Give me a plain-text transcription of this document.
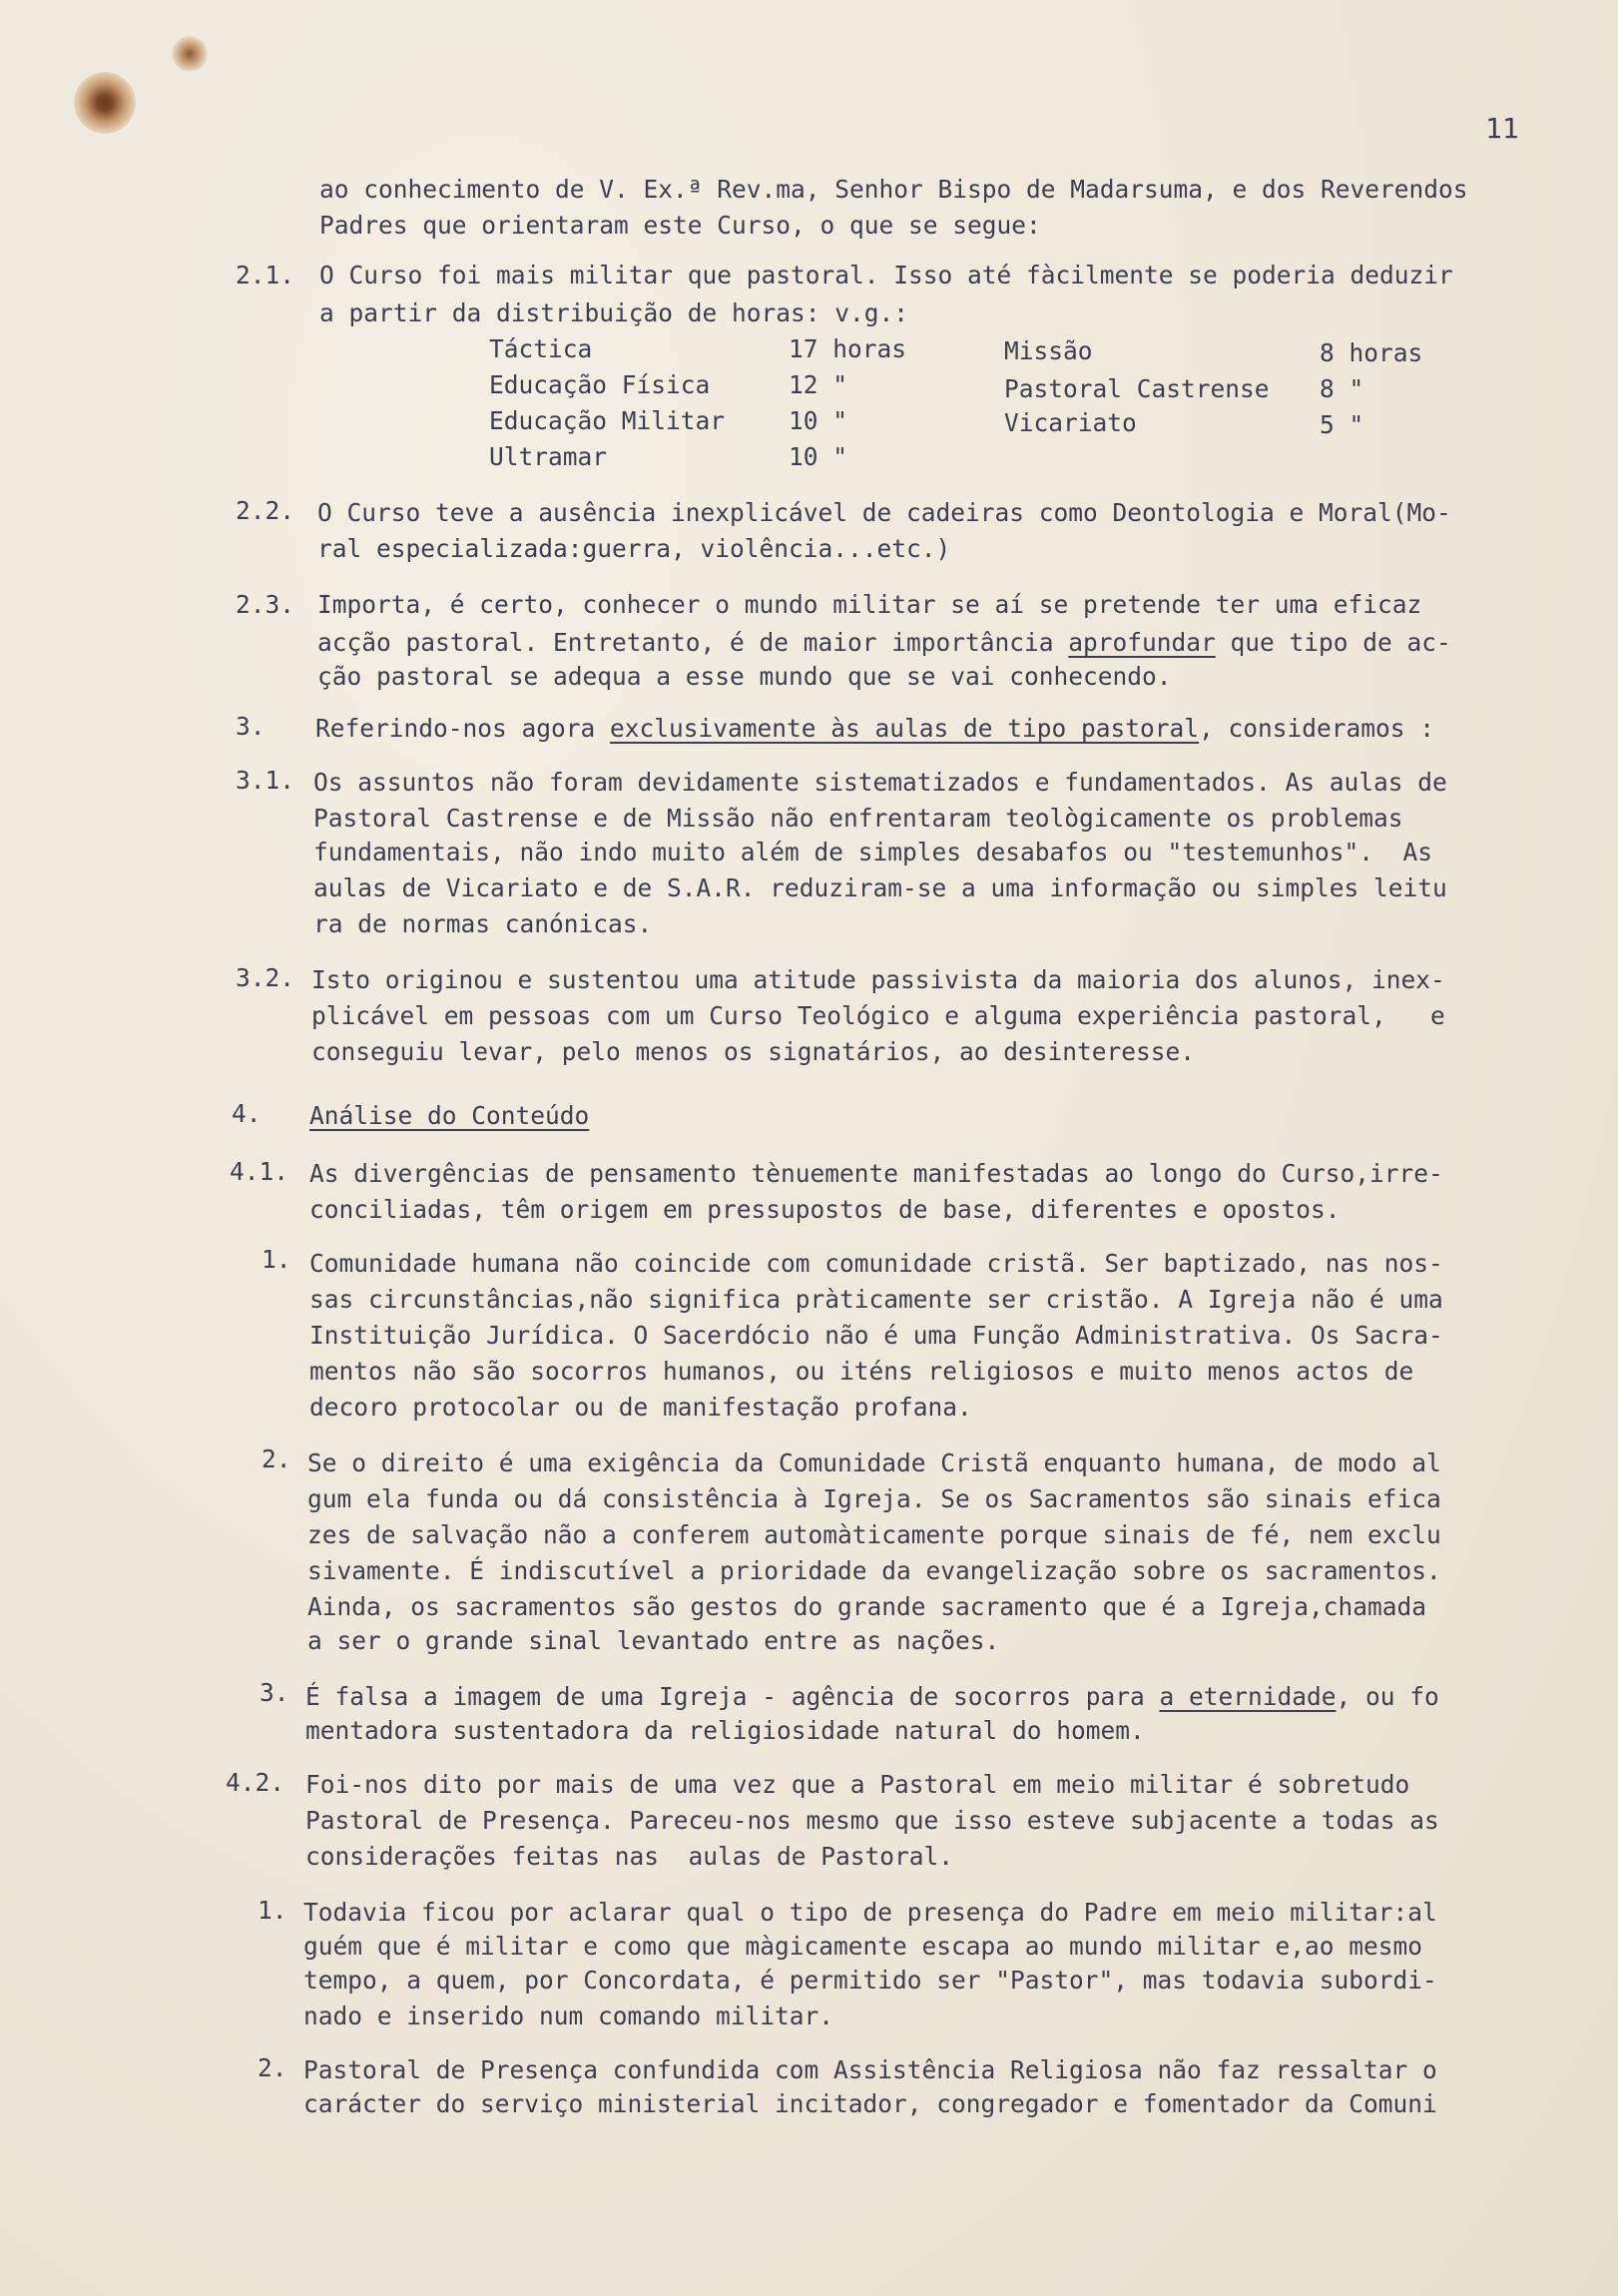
11
ao conhecimento de V. Ex.ª Rev.ma, Senhor Bispo de Madarsuma, e dos Reverendos
Padres que orientaram este Curso, o que se segue:
2.1. O Curso foi mais militar que pastoral. Isso até fàcilmente se poderia deduzir
a partir da distribuição de horas: v.g.:
Táctica	17 horas	Missão	8 horas
Educação Física	12 "	Pastoral Castrense 8 "
Educação Militar	10 "	Vicariato	5 "
Ultramar	10 "
2.2. O Curso teve a ausência inexplicável de cadeiras como Deontologia e Moral(Mo-
ral especializada:guerra, violência...etc.)
2.3. Importa, é certo, conhecer o mundo militar se aí se pretende ter uma eficaz
acção pastoral. Entretanto, é de maior importância aprofundar que tipo de ac-
ção pastoral se adequa a esse mundo que se vai conhecendo.
3. Referindo-nos agora exclusivamente às aulas de tipo pastoral, consideramos :
3.1. Os assuntos não foram devidamente sistematizados e fundamentados. As aulas de
Pastoral Castrense e de Missão não enfrentaram teològicamente os problemas
fundamentais, não indo muito além de simples desabafos ou "testemunhos".  As
aulas de Vicariato e de S.A.R. reduziram-se a uma informação ou simples leitu
ra de normas canónicas.
3.2. Isto originou e sustentou uma atitude passivista da maioria dos alunos, inex-
plicável em pessoas com um Curso Teológico e alguma experiência pastoral,   e
conseguiu levar, pelo menos os signatários, ao desinteresse.
4. Análise do Conteúdo
4.1. As divergências de pensamento tènuemente manifestadas ao longo do Curso,irre-
conciliadas, têm origem em pressupostos de base, diferentes e opostos.
1. Comunidade humana não coincide com comunidade cristã. Ser baptizado, nas nos-
sas circunstâncias,não significa pràticamente ser cristão. A Igreja não é uma
Instituição Jurídica. O Sacerdócio não é uma Função Administrativa. Os Sacra-
mentos não são socorros humanos, ou iténs religiosos e muito menos actos de
decoro protocolar ou de manifestação profana.
2. Se o direito é uma exigência da Comunidade Cristã enquanto humana, de modo al
gum ela funda ou dá consistência à Igreja. Se os Sacramentos são sinais efica
zes de salvação não a conferem automàticamente porque sinais de fé, nem exclu
sivamente. É indiscutível a prioridade da evangelização sobre os sacramentos.
Ainda, os sacramentos são gestos do grande sacramento que é a Igreja,chamada
a ser o grande sinal levantado entre as nações.
3. É falsa a imagem de uma Igreja - agência de socorros para a eternidade, ou fo
mentadora sustentadora da religiosidade natural do homem.
4.2. Foi-nos dito por mais de uma vez que a Pastoral em meio militar é sobretudo
Pastoral de Presença. Pareceu-nos mesmo que isso esteve subjacente a todas as
considerações feitas nas  aulas de Pastoral.
1. Todavia ficou por aclarar qual o tipo de presença do Padre em meio militar:al
guém que é militar e como que màgicamente escapa ao mundo militar e,ao mesmo
tempo, a quem, por Concordata, é permitido ser "Pastor", mas todavia subordi-
nado e inserido num comando militar.
2. Pastoral de Presença confundida com Assistência Religiosa não faz ressaltar o
carácter do serviço ministerial incitador, congregador e fomentador da Comuni
